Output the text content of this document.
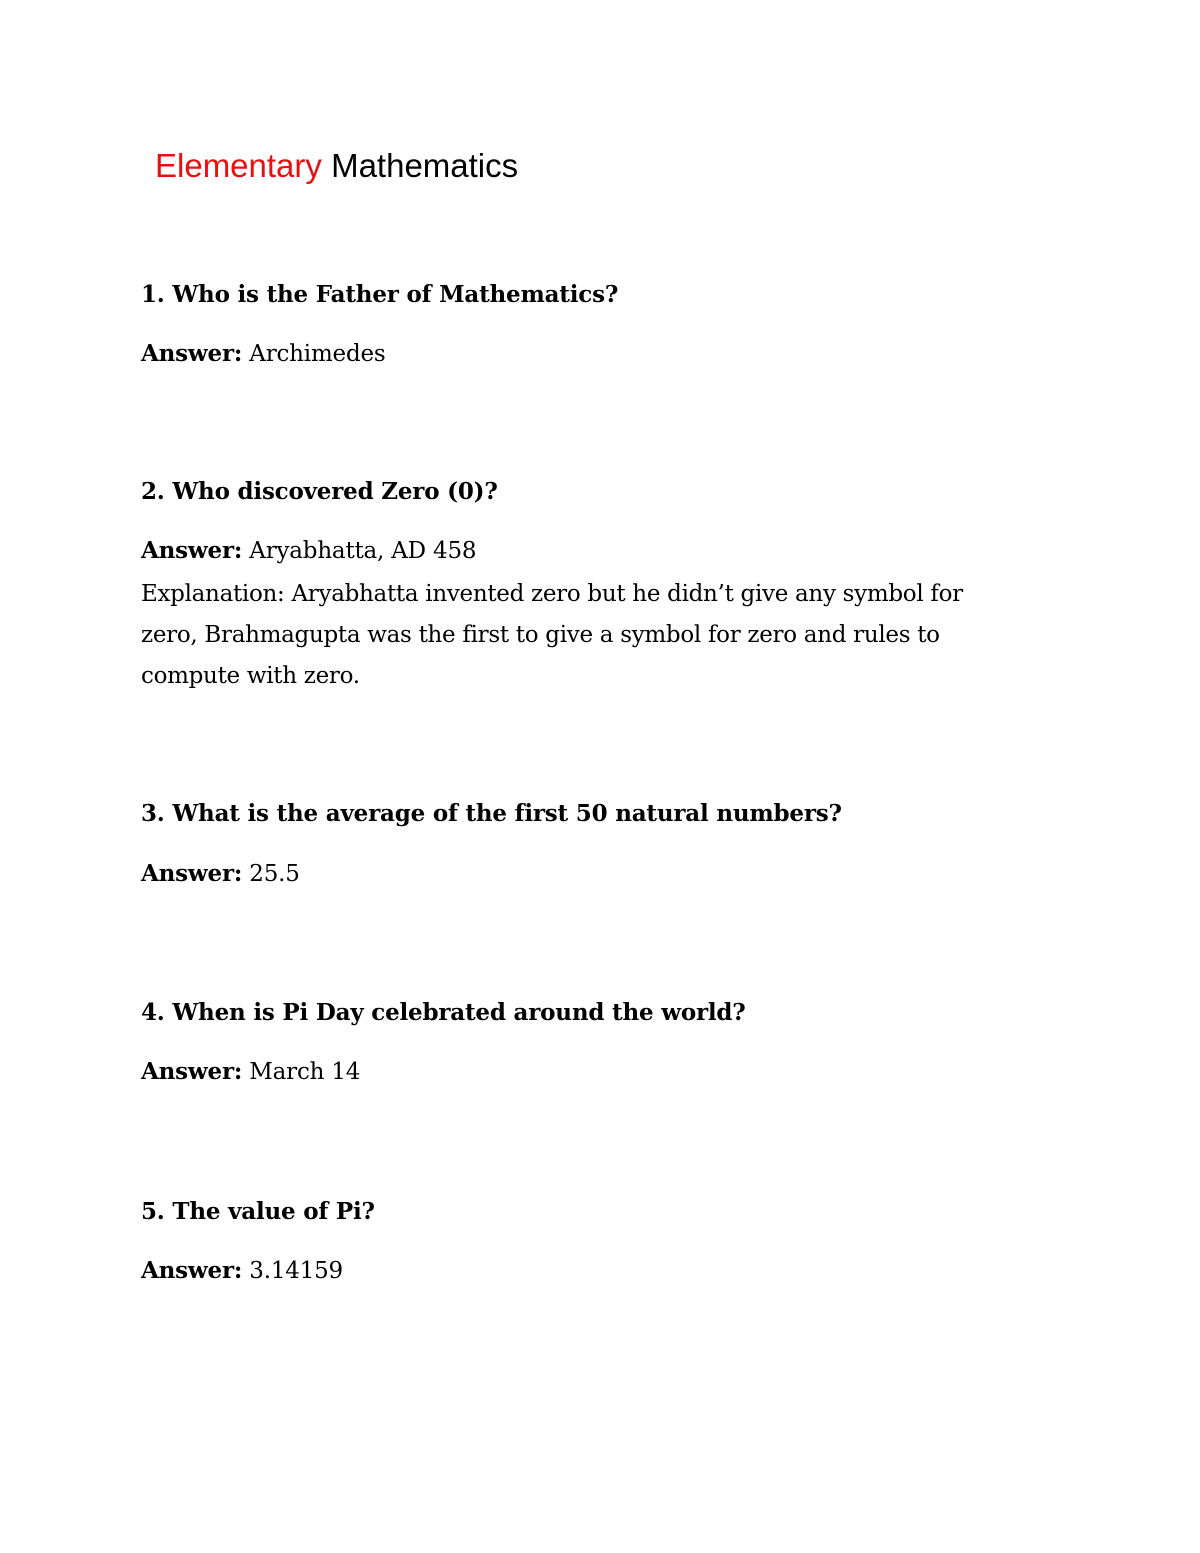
Elementary Mathematics
1. Who is the Father of Mathematics?
Answer: Archimedes
2. Who discovered Zero (0)?
Answer: Aryabhatta, AD 458
Explanation: Aryabhatta invented zero but he didn’t give any symbol for
zero, Brahmagupta was the first to give a symbol for zero and rules to
compute with zero.
3. What is the average of the first 50 natural numbers?
Answer: 25.5
4. When is Pi Day celebrated around the world?
Answer: March 14
5. The value of Pi?
Answer: 3.14159
